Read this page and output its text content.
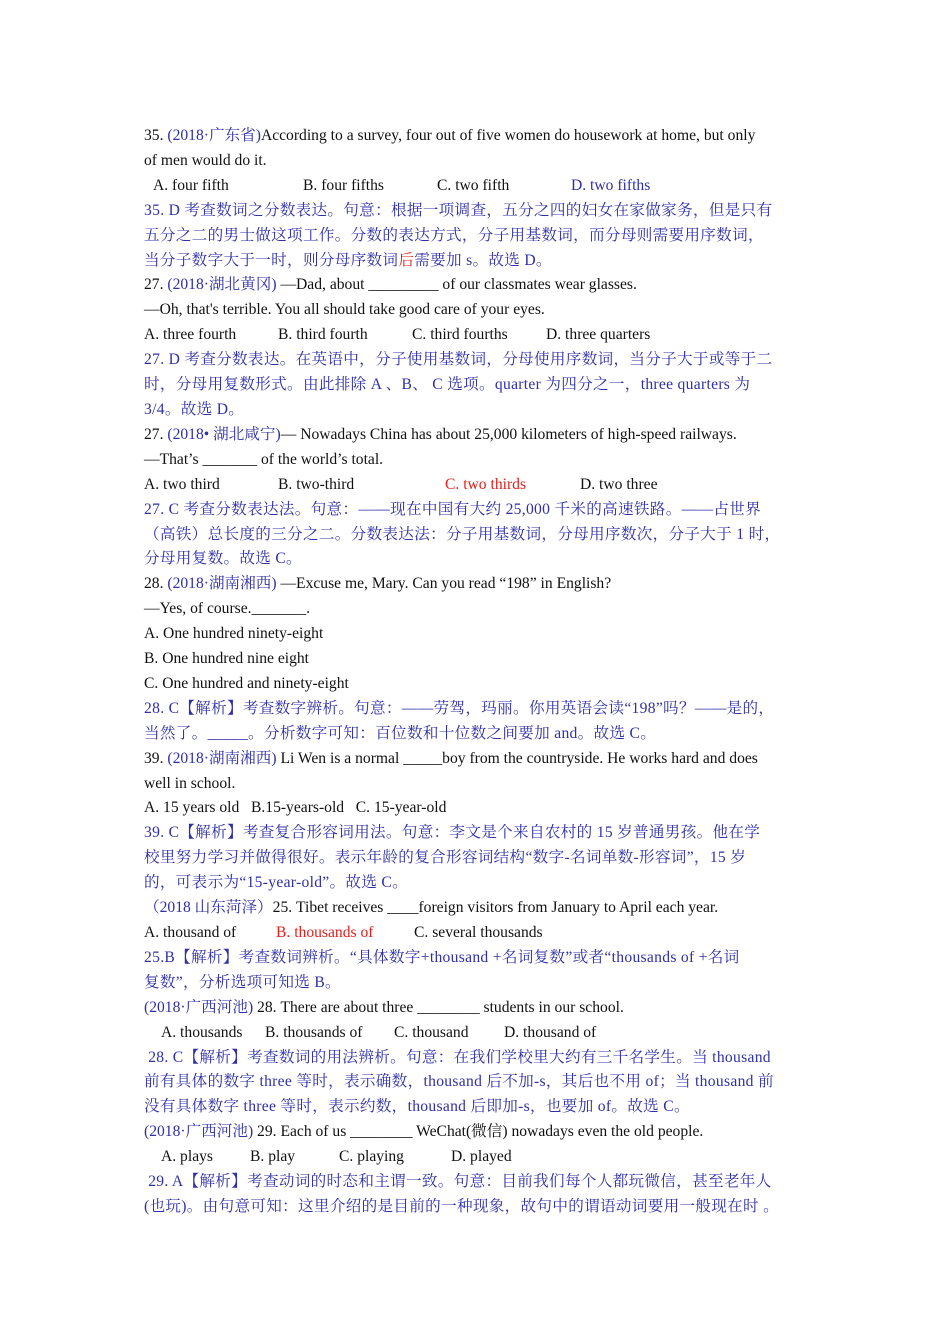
35. (2018·广东省)According to a survey, four out of five women do housework at home, but only
of men would do it.
A. four fifth	B. four fifths	C. two fifth	D. two fifths
35. D 考查数词之分数表达。句意：根据一项调查，五分之四的妇女在家做家务，但是只有
五分之二的男士做这项工作。分数的表达方式，分子用基数词，而分母则需要用序数词，
当分子数字大于一时，则分母序数词后需要加 s。故选 D。
27. (2018·湖北黄冈) —Dad, about _________ of our classmates wear glasses.
—Oh, that's terrible. You all should take good care of your eyes.
A. three fourth	B. third fourth	C. third fourths D. three quarters
27. D 考查分数表达。在英语中，分子使用基数词，分母使用序数词，当分子大于或等于二
时，分母用复数形式。由此排除 A 、B、 C 选项。quarter 为四分之一，three quarters 为
3/4。故选 D。
27. (2018• 湖北咸宁)— Nowadays China has about 25,000 kilometers of high-speed railways.
—That’s _______ of the world’s total.
A. two third	B. two-third	C. two thirds	D. two three
27. C 考查分数表达法。句意：——现在中国有大约 25,000 千米的高速铁路。——占世界
（高铁）总长度的三分之二。分数表达法：分子用基数词，分母用序数次，分子大于 1 时，
分母用复数。故选 C。
28. (2018·湖南湘西) —Excuse me, Mary. Can you read “198” in English?
—Yes, of course._______.
A. One hundred ninety-eight
B. One hundred nine eight
C. One hundred and ninety-eight
28. C【解析】考查数字辨析。句意：——劳驾，玛丽。你用英语会读“198”吗？——是的，
当然了。_____。分析数字可知：百位数和十位数之间要加 and。故选 C。
39. (2018·湖南湘西) Li Wen is a normal _____boy from the countryside. He works hard and does
well in school.
A. 15 years old   B.15-years-old   C. 15-year-old
39. C【解析】考查复合形容词用法。句意：李文是个来自农村的 15 岁普通男孩。他在学
校里努力学习并做得很好。表示年龄的复合形容词结构“数字-名词单数-形容词”，15 岁
的，可表示为“15-year-old”。故选 C。
（2018 山东菏泽）25. Tibet receives ____foreign visitors from January to April each year.
A. thousand of	B. thousands of	C. several thousands
25.B【解析】考查数词辨析。“具体数字+thousand +名词复数”或者“thousands of +名词
复数”，分析选项可知选 B。
(2018·广西河池) 28. There are about three ________ students in our school.
A. thousands B. thousands of C. thousand D. thousand of
28. C【解析】考查数词的用法辨析。句意：在我们学校里大约有三千名学生。当 thousand
前有具体的数字 three 等时，表示确数，thousand 后不加-s，其后也不用 of；当 thousand 前
没有具体数字 three 等时，表示约数，thousand 后即加-s，也要加 of。故选 C。
(2018·广西河池) 29. Each of us ________ WeChat(微信) nowadays even the old people.
A. plays B. play	C. playing	D. played
29. A【解析】考查动词的时态和主谓一致。句意：目前我们每个人都玩微信，甚至老年人
(也玩)。由句意可知：这里介绍的是目前的一种现象，故句中的谓语动词要用一般现在时 。
